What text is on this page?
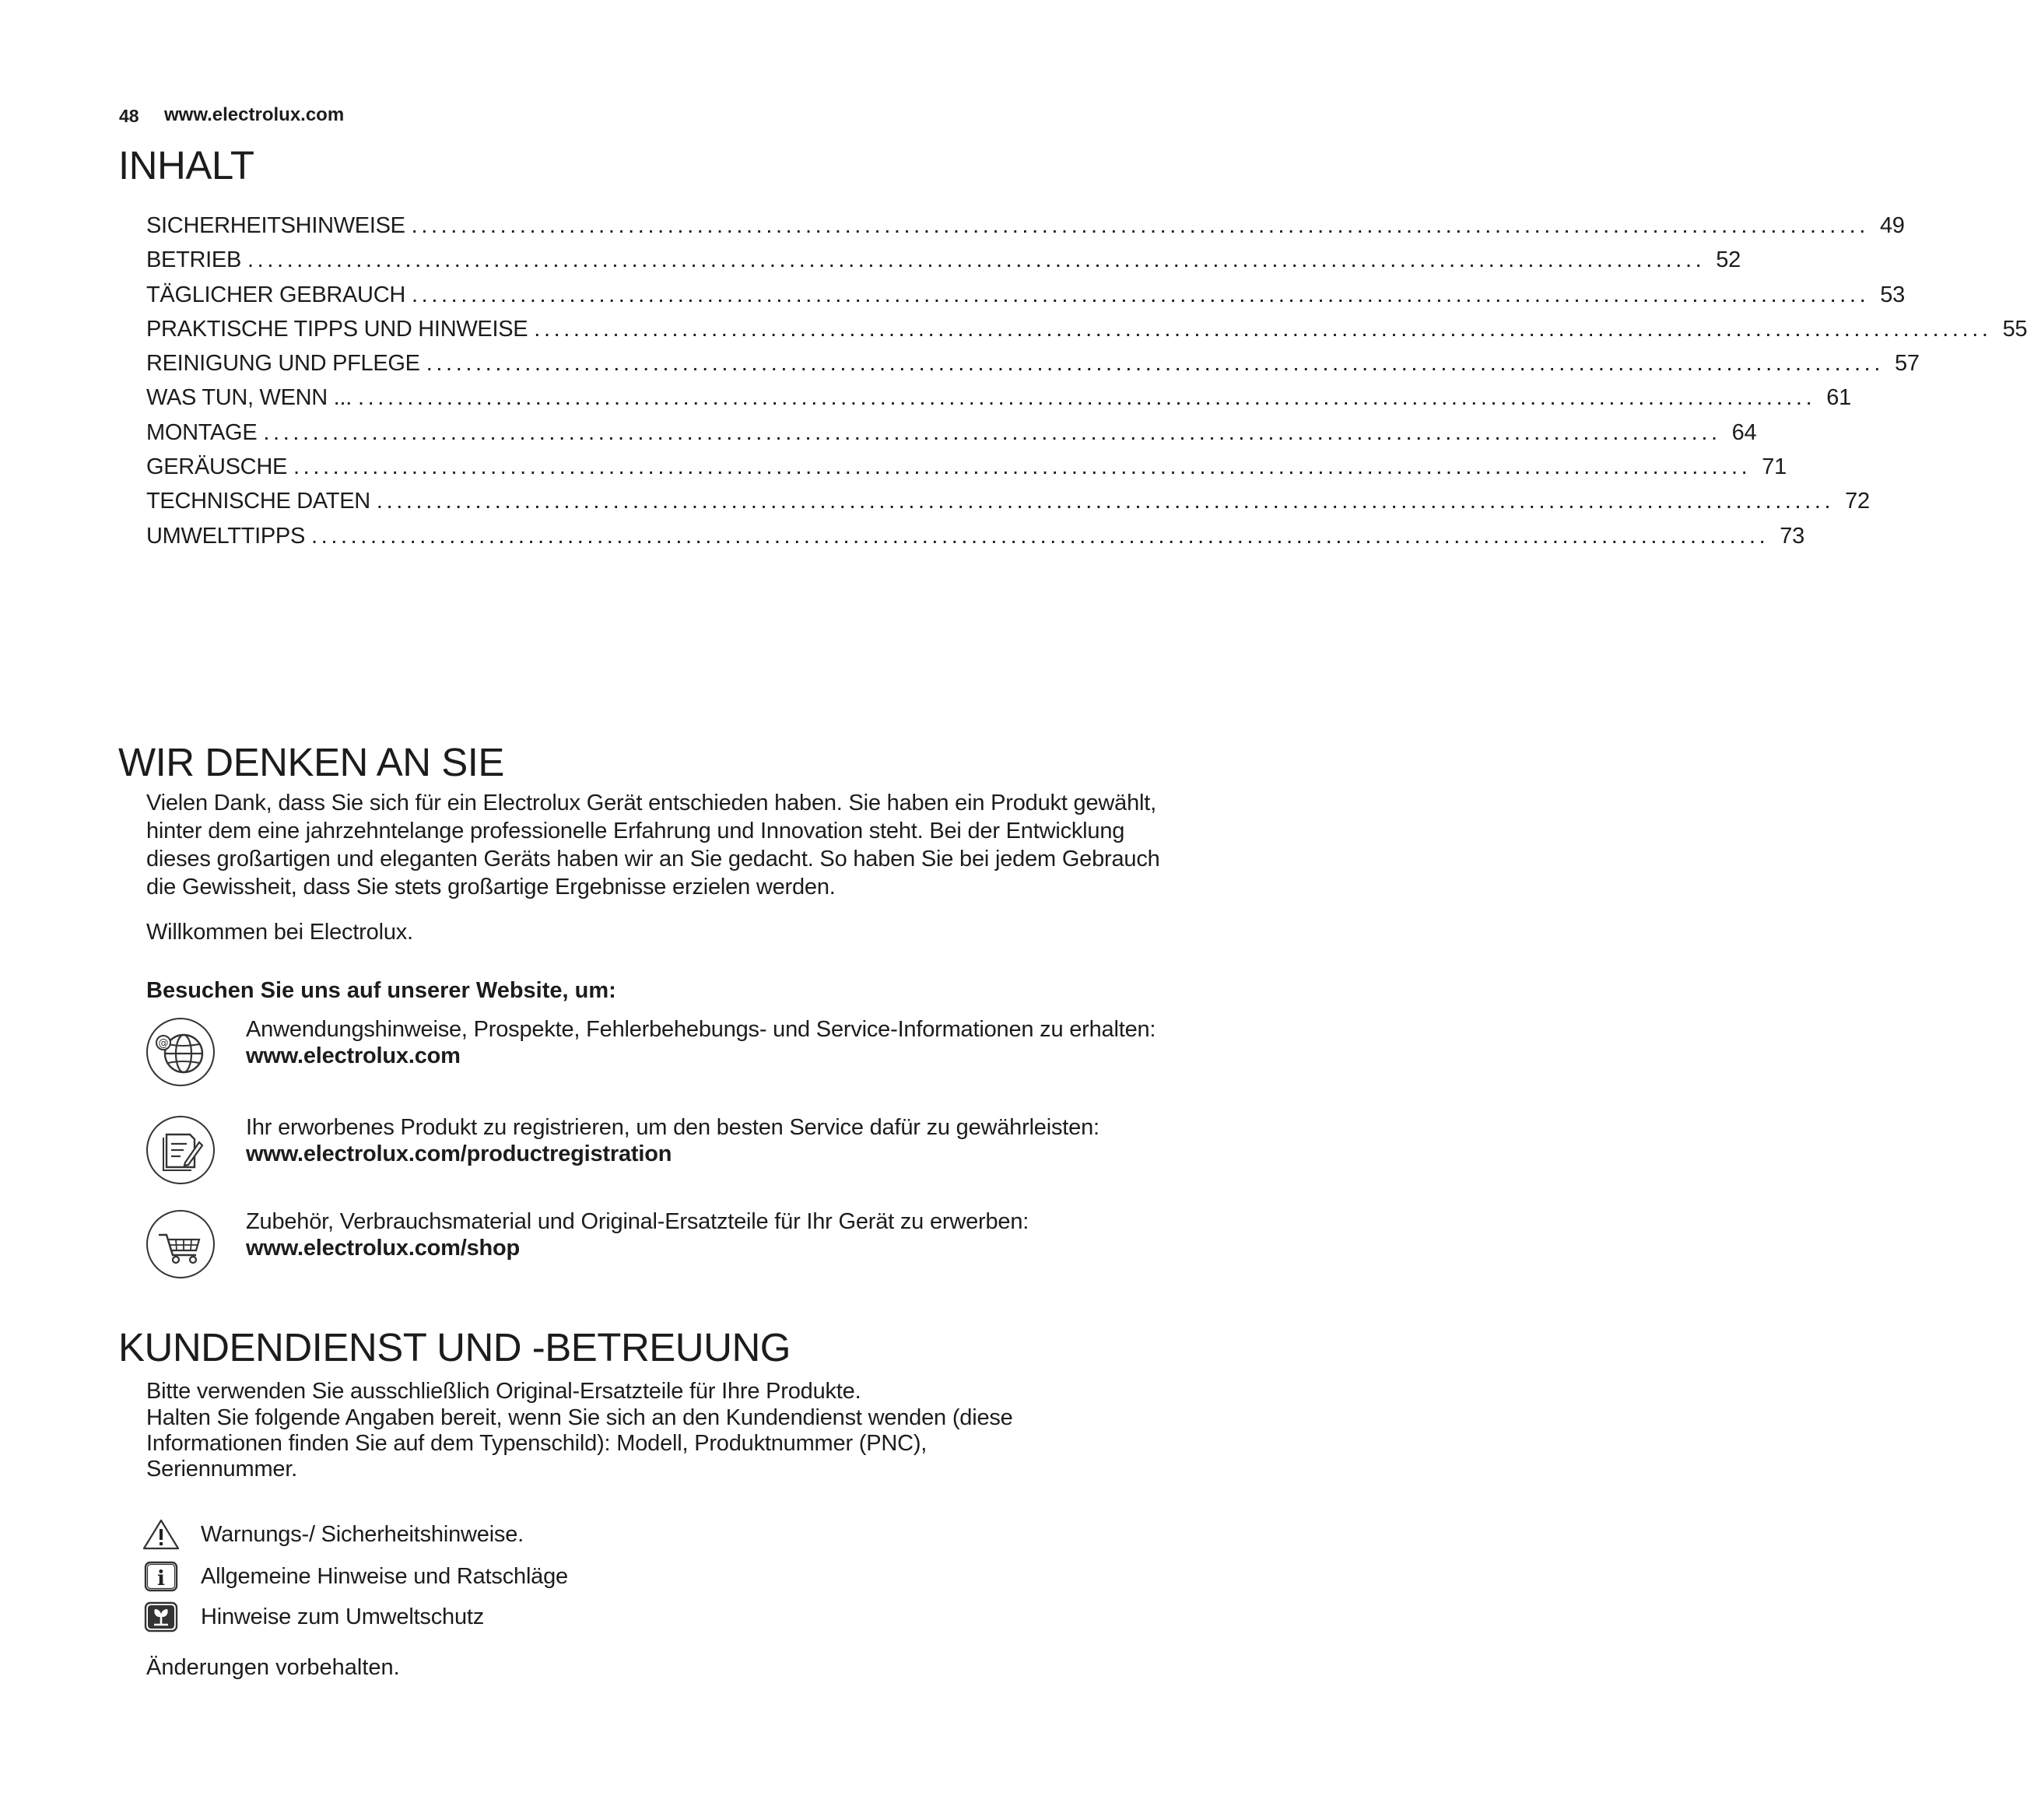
48 www.electrolux.com
INHALT
SICHERHEITSHINWEISE .................................................................................................................................................... 49
BETRIEB .................................................................................................................................................... 52
TÄGLICHER GEBRAUCH .................................................................................................................................................... 53
PRAKTISCHE TIPPS UND HINWEISE .................................................................................................................................................... 55
REINIGUNG UND PFLEGE .................................................................................................................................................... 57
WAS TUN, WENN ... .................................................................................................................................................... 61
MONTAGE .................................................................................................................................................... 64
GERÄUSCHE .................................................................................................................................................... 71
TECHNISCHE DATEN .................................................................................................................................................... 72
UMWELTTIPPS .................................................................................................................................................... 73
WIR DENKEN AN SIE

Vielen Dank, dass Sie sich für ein Electrolux Gerät entschieden haben. Sie haben ein Produkt gewählt, hinter dem eine jahrzehntelange professionelle Erfahrung und Innovation steht. Bei der Entwicklung dieses großartigen und eleganten Geräts haben wir an Sie gedacht. So haben Sie bei jedem Gebrauch die Gewissheit, dass Sie stets großartige Ergebnisse erzielen werden.

Willkommen bei Electrolux.

Besuchen Sie uns auf unserer Website, um:
@
Anwendungshinweise, Prospekte, Fehlerbehebungs- und Service-Informationen zu erhalten:
www.electrolux.com
Ihr erworbenes Produkt zu registrieren, um den besten Service dafür zu gewährleisten:
www.electrolux.com/productregistration
Zubehör, Verbrauchsmaterial und Original-Ersatzteile für Ihr Gerät zu erwerben:
www.electrolux.com/shop
KUNDENDIENST UND -BETREUUNG

Bitte verwenden Sie ausschließlich Original-Ersatzteile für Ihre Produkte.

Halten Sie folgende Angaben bereit, wenn Sie sich an den Kundendienst wenden (diese Informationen finden Sie auf dem Typenschild): Modell, Produktnummer (PNC), Seriennummer.

Warnungs-/ Sicherheitshinweise.
i Allgemeine Hinweise und Ratschläge
Hinweise zum Umweltschutz
Änderungen vorbehalten.
